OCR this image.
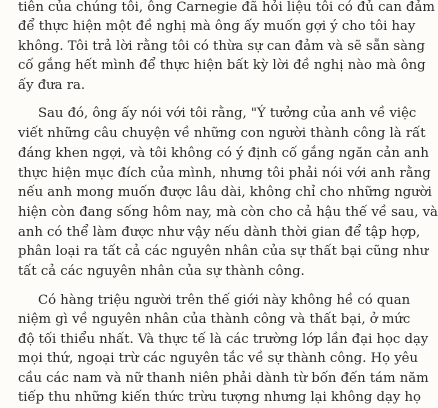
tiên của chúng tôi, ông Carnegie đã hỏi liệu tôi có đủ can đảm
để thực hiện một đề nghị mà ông ấy muốn gợi ý cho tôi hay
không. Tôi trả lời rằng tôi có thừa sự can đảm và sẽ sẵn sàng
cố gắng hết mình để thực hiện bất kỳ lời đề nghị nào mà ông
ấy đưa ra.
Sau đó, ông ấy nói với tôi rằng, "Ý tưởng của anh về việc
viết những câu chuyện về những con người thành công là rất
đáng khen ngợi, và tôi không có ý định cố gắng ngăn cản anh
thực hiện mục đích của mình, nhưng tôi phải nói với anh rằng
nếu anh mong muốn được lâu dài, không chỉ cho những người
hiện còn đang sống hôm nay, mà còn cho cả hậu thế về sau, và
anh có thể làm được như vậy nếu dành thời gian để tập hợp,
phân loại ra tất cả các nguyên nhân của sự thất bại cũng như
tất cả các nguyên nhân của sự thành công.
Có hàng triệu người trên thế giới này không hề có quan
niệm gì về nguyên nhân của thành công và thất bại, ở mức
độ tối thiểu nhất. Và thực tế là các trường lớp lần đại học dạy
mọi thứ, ngoại trừ các nguyên tắc về sự thành công. Họ yêu
cầu các nam và nữ thanh niên phải dành từ bốn đến tám năm
tiếp thu những kiến thức trừu tượng nhưng lại không dạy họ
